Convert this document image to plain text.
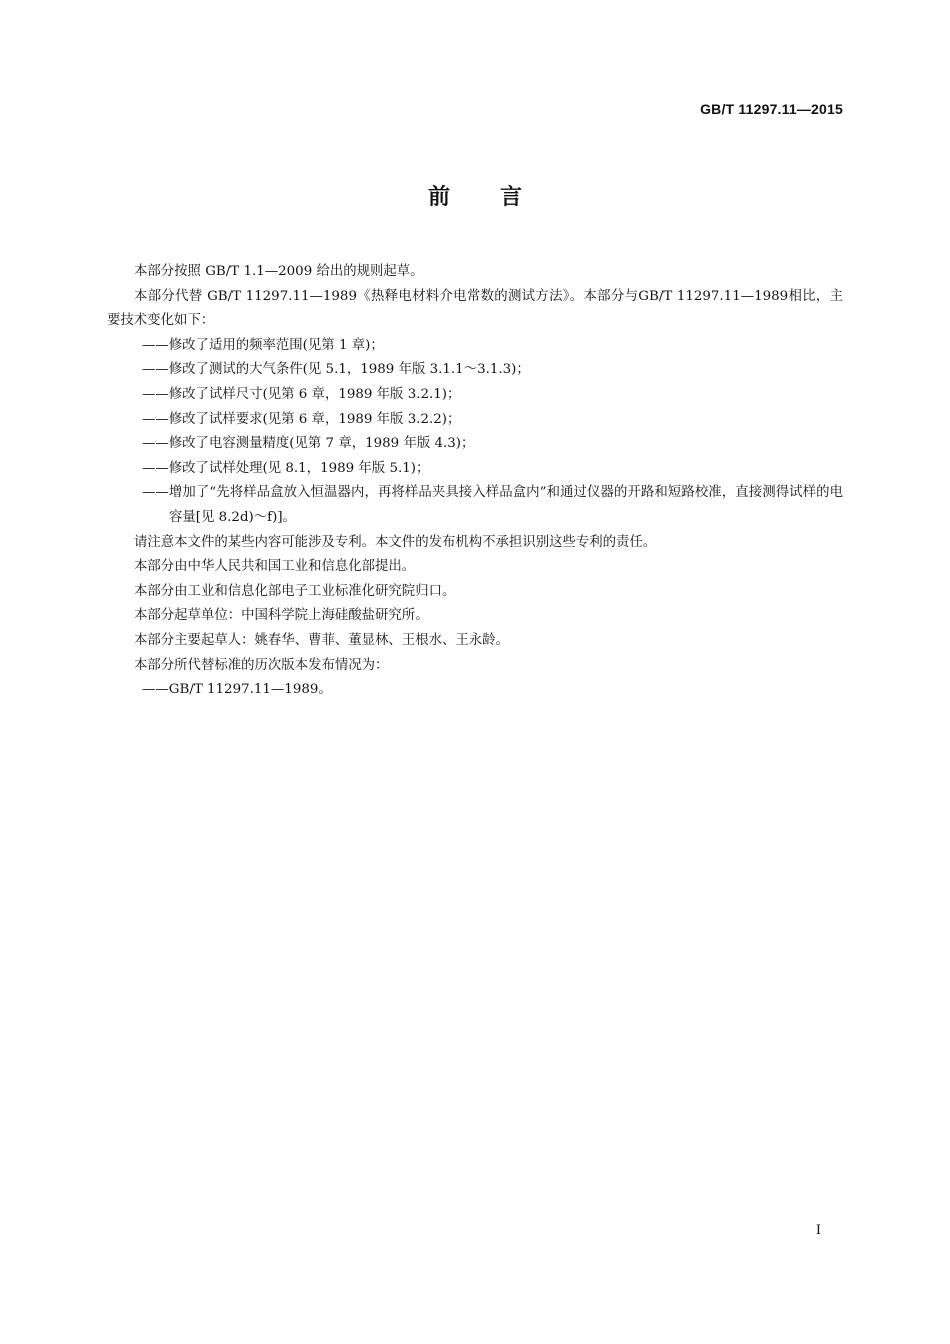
GB/T 11297.11—2015
前言

本部分按照 GB/T 1.1—2009 给出的规则起草。

本部分代替 GB/T 11297.11—1989《热释电材料介电常数的测试方法》。本部分与GB/T 11297.11—1989相比，主要技术变化如下：

——修改了适用的频率范围(见第 1 章)；

——修改了测试的大气条件(见 5.1，1989 年版 3.1.1～3.1.3)；

——修改了试样尺寸(见第 6 章，1989 年版 3.2.1)；

——修改了试样要求(见第 6 章，1989 年版 3.2.2)；

——修改了电容测量精度(见第 7 章，1989 年版 4.3)；

——修改了试样处理(见 8.1，1989 年版 5.1)；

——增加了“先将样品盒放入恒温器内，再将样品夹具接入样品盒内”和通过仪器的开路和短路校准，直接测得试样的电容量[见 8.2d)～f)]。

请注意本文件的某些内容可能涉及专利。本文件的发布机构不承担识别这些专利的责任。

本部分由中华人民共和国工业和信息化部提出。

本部分由工业和信息化部电子工业标准化研究院归口。

本部分起草单位：中国科学院上海硅酸盐研究所。

本部分主要起草人：姚春华、曹菲、董显林、王根水、王永龄。

本部分所代替标准的历次版本发布情况为：

——GB/T 11297.11—1989。

I
